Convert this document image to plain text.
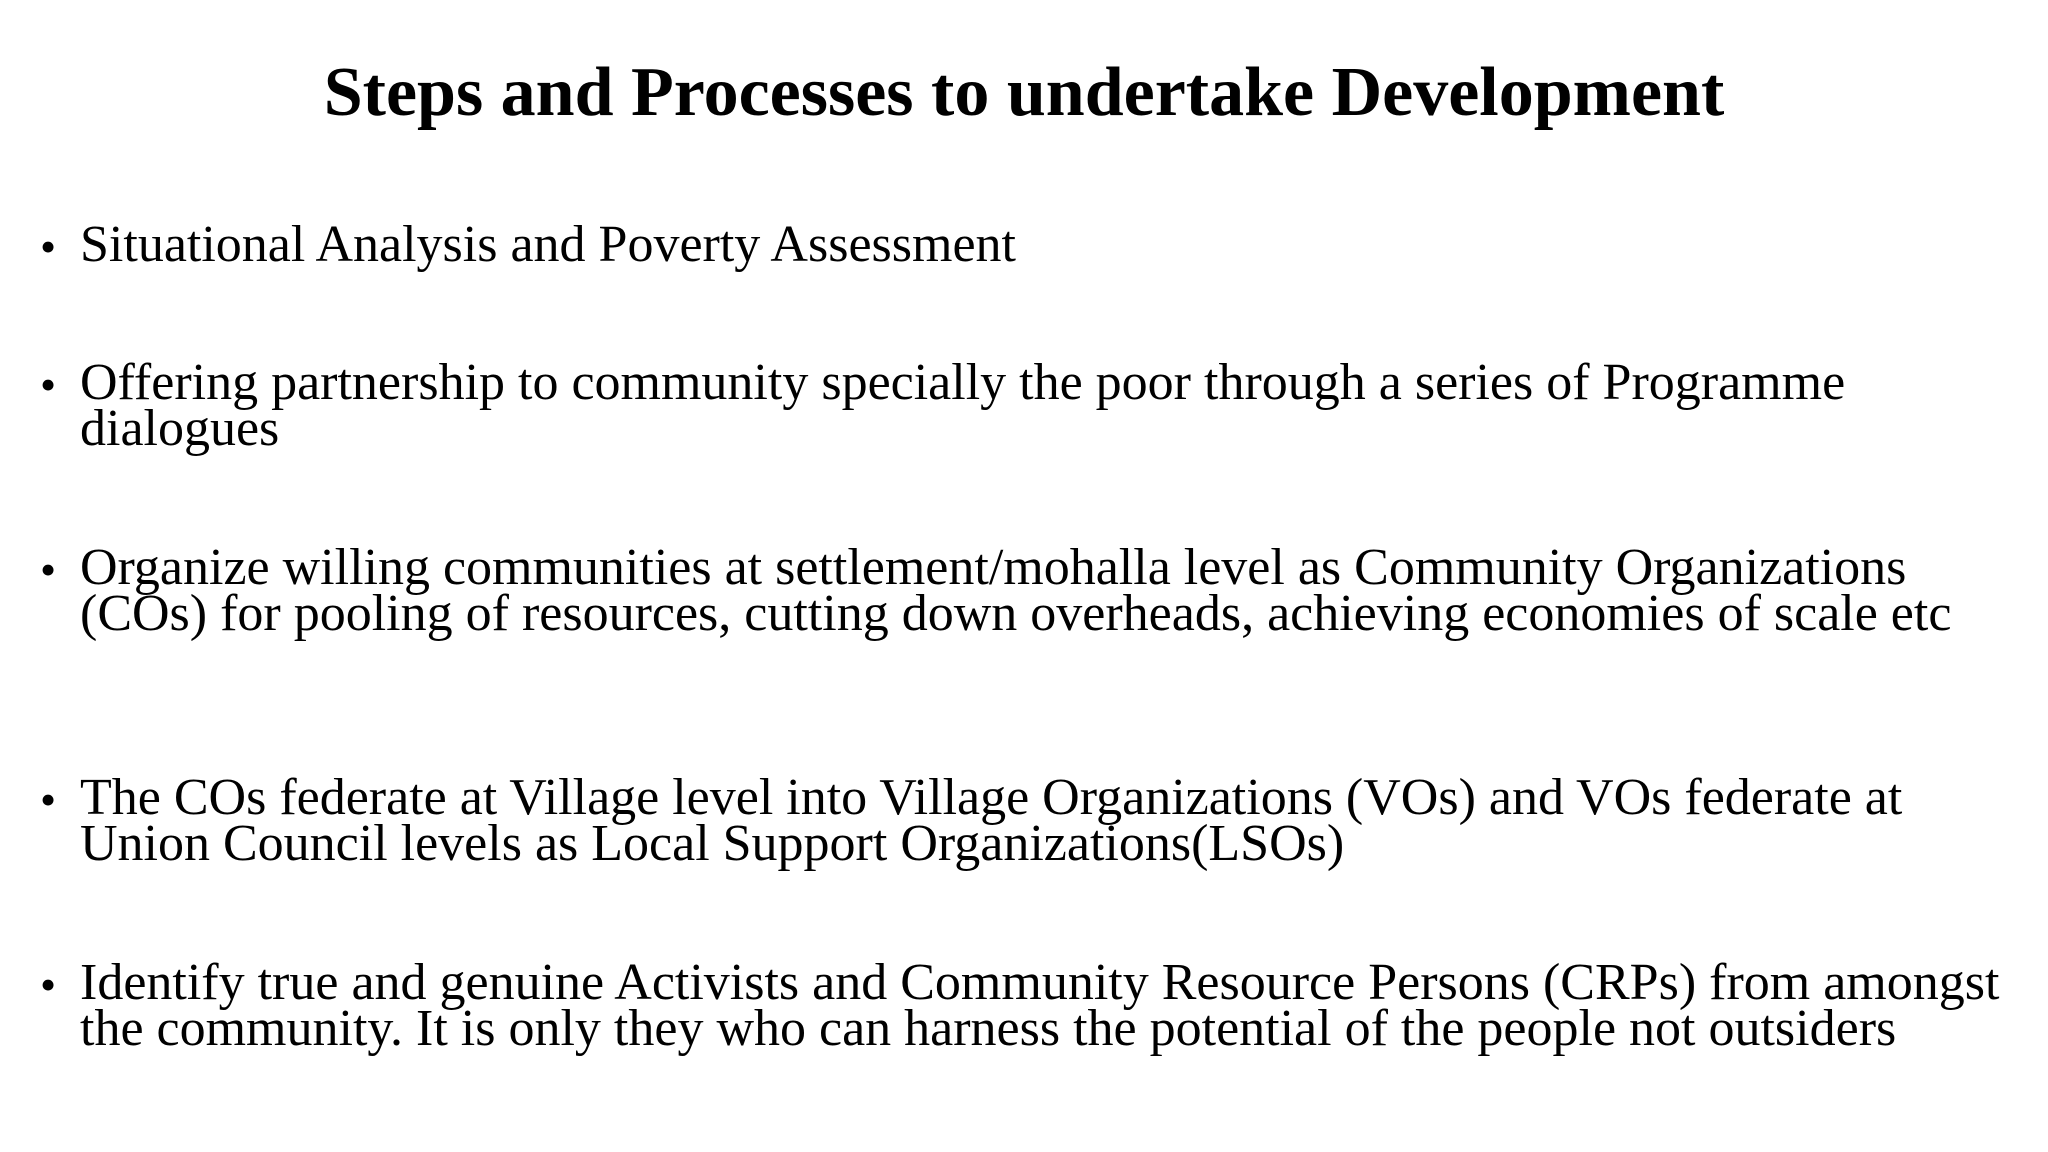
Steps and Processes to undertake Development
• Situational Analysis and Poverty Assessment
• Offering partnership to community specially the poor through a series of Programme dialogues
• Organize willing communities at settlement/mohalla level as Community Organizations (COs) for pooling of resources, cutting down overheads, achieving economies of scale etc
• The COs federate at Village level into Village Organizations (VOs) and VOs federate at Union Council levels as Local Support Organizations(LSOs)
• Identify true and genuine Activists and Community Resource Persons (CRPs) from amongst the community. It is only they who can harness the potential of the people not outsiders
